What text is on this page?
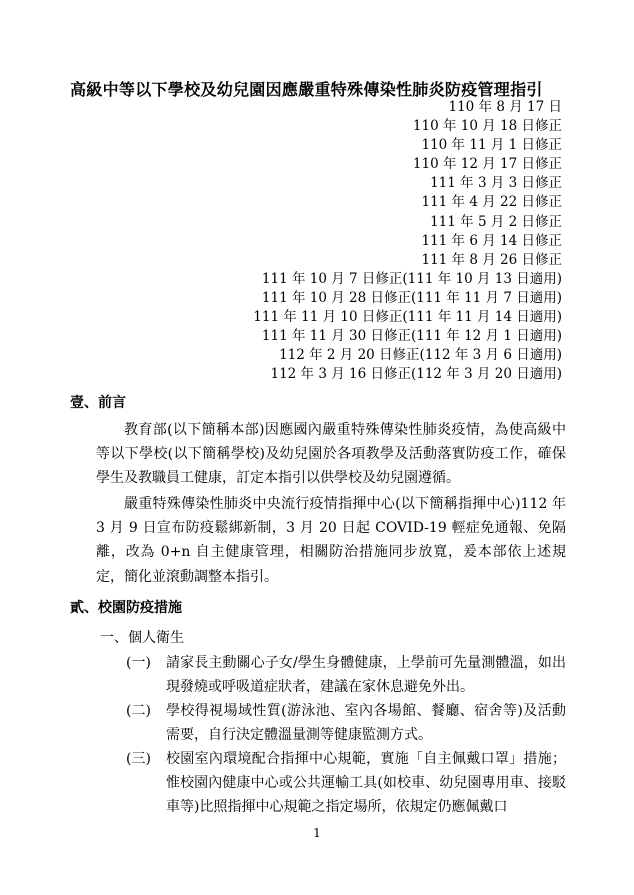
高級中等以下學校及幼兒園因應嚴重特殊傳染性肺炎防疫管理指引
110 年 8 月 17 日
110 年 10 月 18 日修正
110 年 11 月 1 日修正
110 年 12 月 17 日修正
111 年 3 月 3 日修正
111 年 4 月 22 日修正
111 年 5 月 2 日修正
111 年 6 月 14 日修正
111 年 8 月 26 日修正
111 年 10 月 7 日修正(111 年 10 月 13 日適用)
111 年 10 月 28 日修正(111 年 11 月 7 日適用)
111 年 11 月 10 日修正(111 年 11 月 14 日適用)
111 年 11 月 30 日修正(111 年 12 月 1 日適用)
112 年 2 月 20 日修正(112 年 3 月 6 日適用)
112 年 3 月 16 日修正(112 年 3 月 20 日適用)
壹、前言

教育部(以下簡稱本部)因應國內嚴重特殊傳染性肺炎疫情，為使高級中等以下學校(以下簡稱學校)及幼兒園於各項教學及活動落實防疫工作，確保學生及教職員工健康，訂定本指引以供學校及幼兒園遵循。

嚴重特殊傳染性肺炎中央流行疫情指揮中心(以下簡稱指揮中心)112 年 3 月 9 日宣布防疫鬆綁新制，3 月 20 日起 COVID-19 輕症免通報、免隔離，改為 0+n 自主健康管理，相關防治措施同步放寬，爰本部依上述規定，簡化並滾動調整本指引。

貳、校園防疫措施
一、個人衛生
(一)	請家長主動關心子女/學生身體健康，上學前可先量測體溫，如出現發燒或呼吸道症狀者，建議在家休息避免外出。
(二)	學校得視場域性質(游泳池、室內各場館、餐廳、宿舍等)及活動需要，自行決定體溫量測等健康監測方式。
(三)	校園室內環境配合指揮中心規範，實施「自主佩戴口罩」措施；惟校園內健康中心或公共運輸工具(如校車、幼兒園專用車、接駁車等)比照指揮中心規範之指定場所，依規定仍應佩戴口
1
